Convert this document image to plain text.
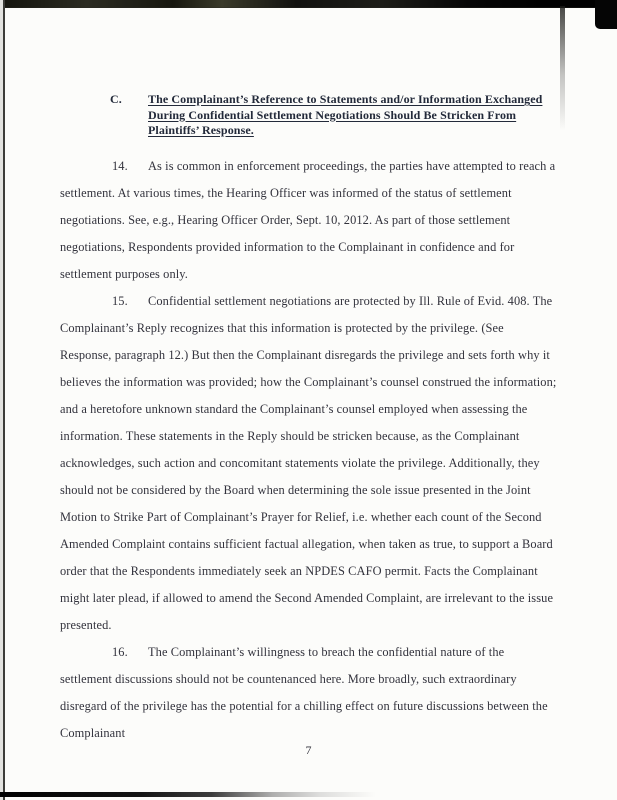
C.	The Complainant’s Reference to Statements and/or Information Exchanged During Confidential Settlement Negotiations Should Be Stricken From Plaintiffs’ Response.

14. As is common in enforcement proceedings, the parties have attempted to reach a settlement. At various times, the Hearing Officer was informed of the status of settlement negotiations. See, e.g., Hearing Officer Order, Sept. 10, 2012. As part of those settlement negotiations, Respondents provided information to the Complainant in confidence and for settlement purposes only.

15. Confidential settlement negotiations are protected by Ill. Rule of Evid. 408. The Complainant’s Reply recognizes that this information is protected by the privilege. (See Response, paragraph 12.) But then the Complainant disregards the privilege and sets forth why it believes the information was provided; how the Complainant’s counsel construed the information; and a heretofore unknown standard the Complainant’s counsel employed when assessing the information. These statements in the Reply should be stricken because, as the Complainant acknowledges, such action and concomitant statements violate the privilege. Additionally, they should not be considered by the Board when determining the sole issue presented in the Joint Motion to Strike Part of Complainant’s Prayer for Relief, i.e. whether each count of the Second Amended Complaint contains sufficient factual allegation, when taken as true, to support a Board order that the Respondents immediately seek an NPDES CAFO permit. Facts the Complainant might later plead, if allowed to amend the Second Amended Complaint, are irrelevant to the issue presented.

16. The Complainant’s willingness to breach the confidential nature of the settlement discussions should not be countenanced here. More broadly, such extraordinary disregard of the privilege has the potential for a chilling effect on future discussions between the Complainant

7
